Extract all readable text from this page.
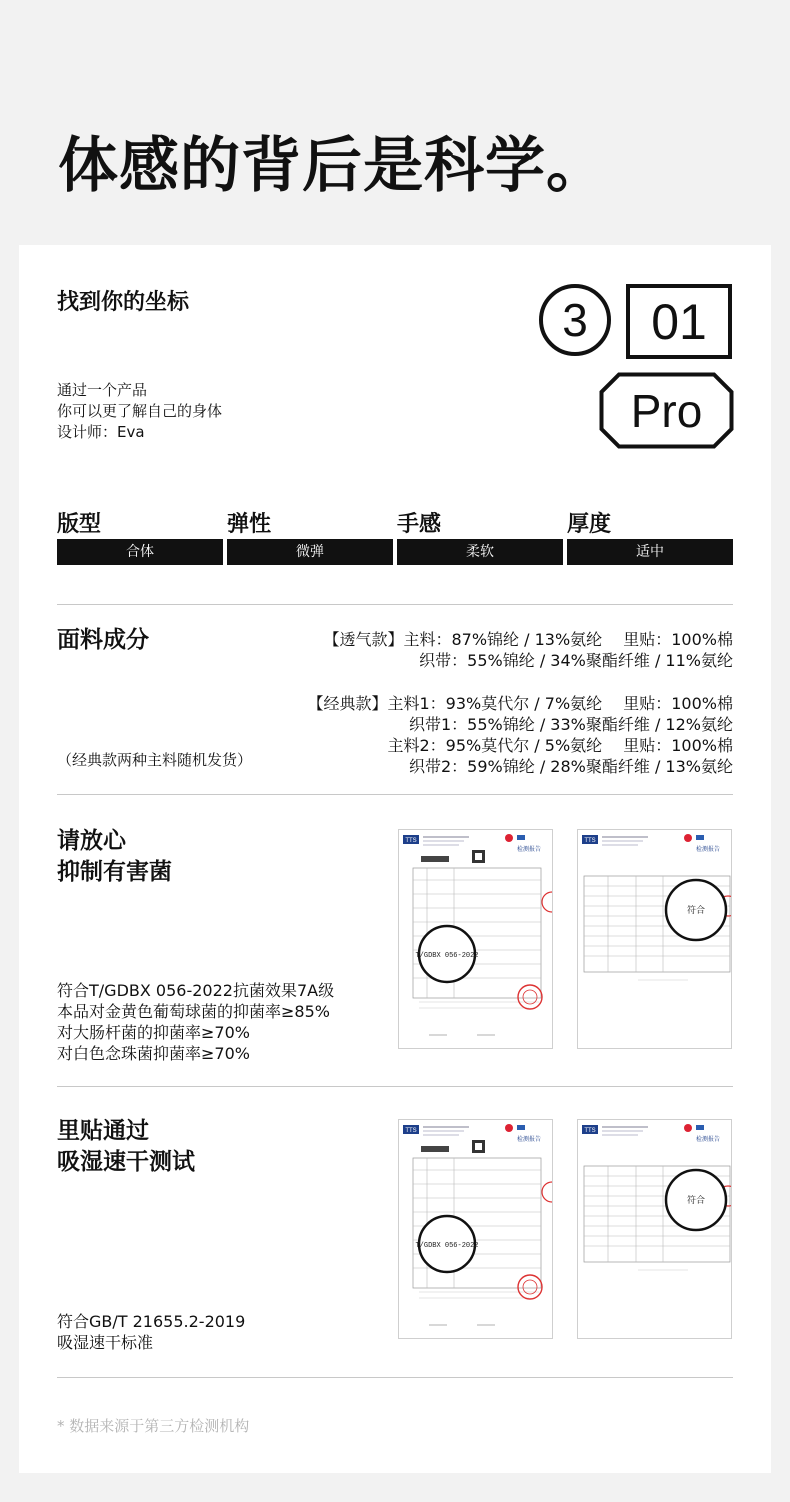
体感的背后是科学。
找到你的坐标
通过一个产品
你可以更了解自己的身体
设计师：Eva
3	01
Pro
版型
合体
弹性
微弹
手感
柔软
厚度
适中
面料成分	【透气款】主料：87%锦纶 / 13%氨纶　 里贴：100%棉
织带：55%锦纶 / 34%聚酯纤维 / 11%氨纶
【经典款】主料1：93%莫代尔 / 7%氨纶　 里贴：100%棉
织带1：55%锦纶 / 33%聚酯纤维 / 12%氨纶
主料2：95%莫代尔 / 5%氨纶　 里贴：100%棉
织带2：59%锦纶 / 28%聚酯纤维 / 13%氨纶
（经典款两种主料随机发货）
请放心
抑制有害菌
符合T/GDBX 056-2022抗菌效果7A级
本品对金黄色葡萄球菌的抑菌率≥85%
对大肠杆菌的抑菌率≥70%
对白色念珠菌抑菌率≥70%
TTS
检测报告
T/GDBX 056-2022
TTS
检测报告
符合
里贴通过
吸湿速干测试
符合GB/T 21655.2-2019
吸湿速干标准
TTS
检测报告
T/GDBX 056-2022
TTS
检测报告
符合
* 数据来源于第三方检测机构
